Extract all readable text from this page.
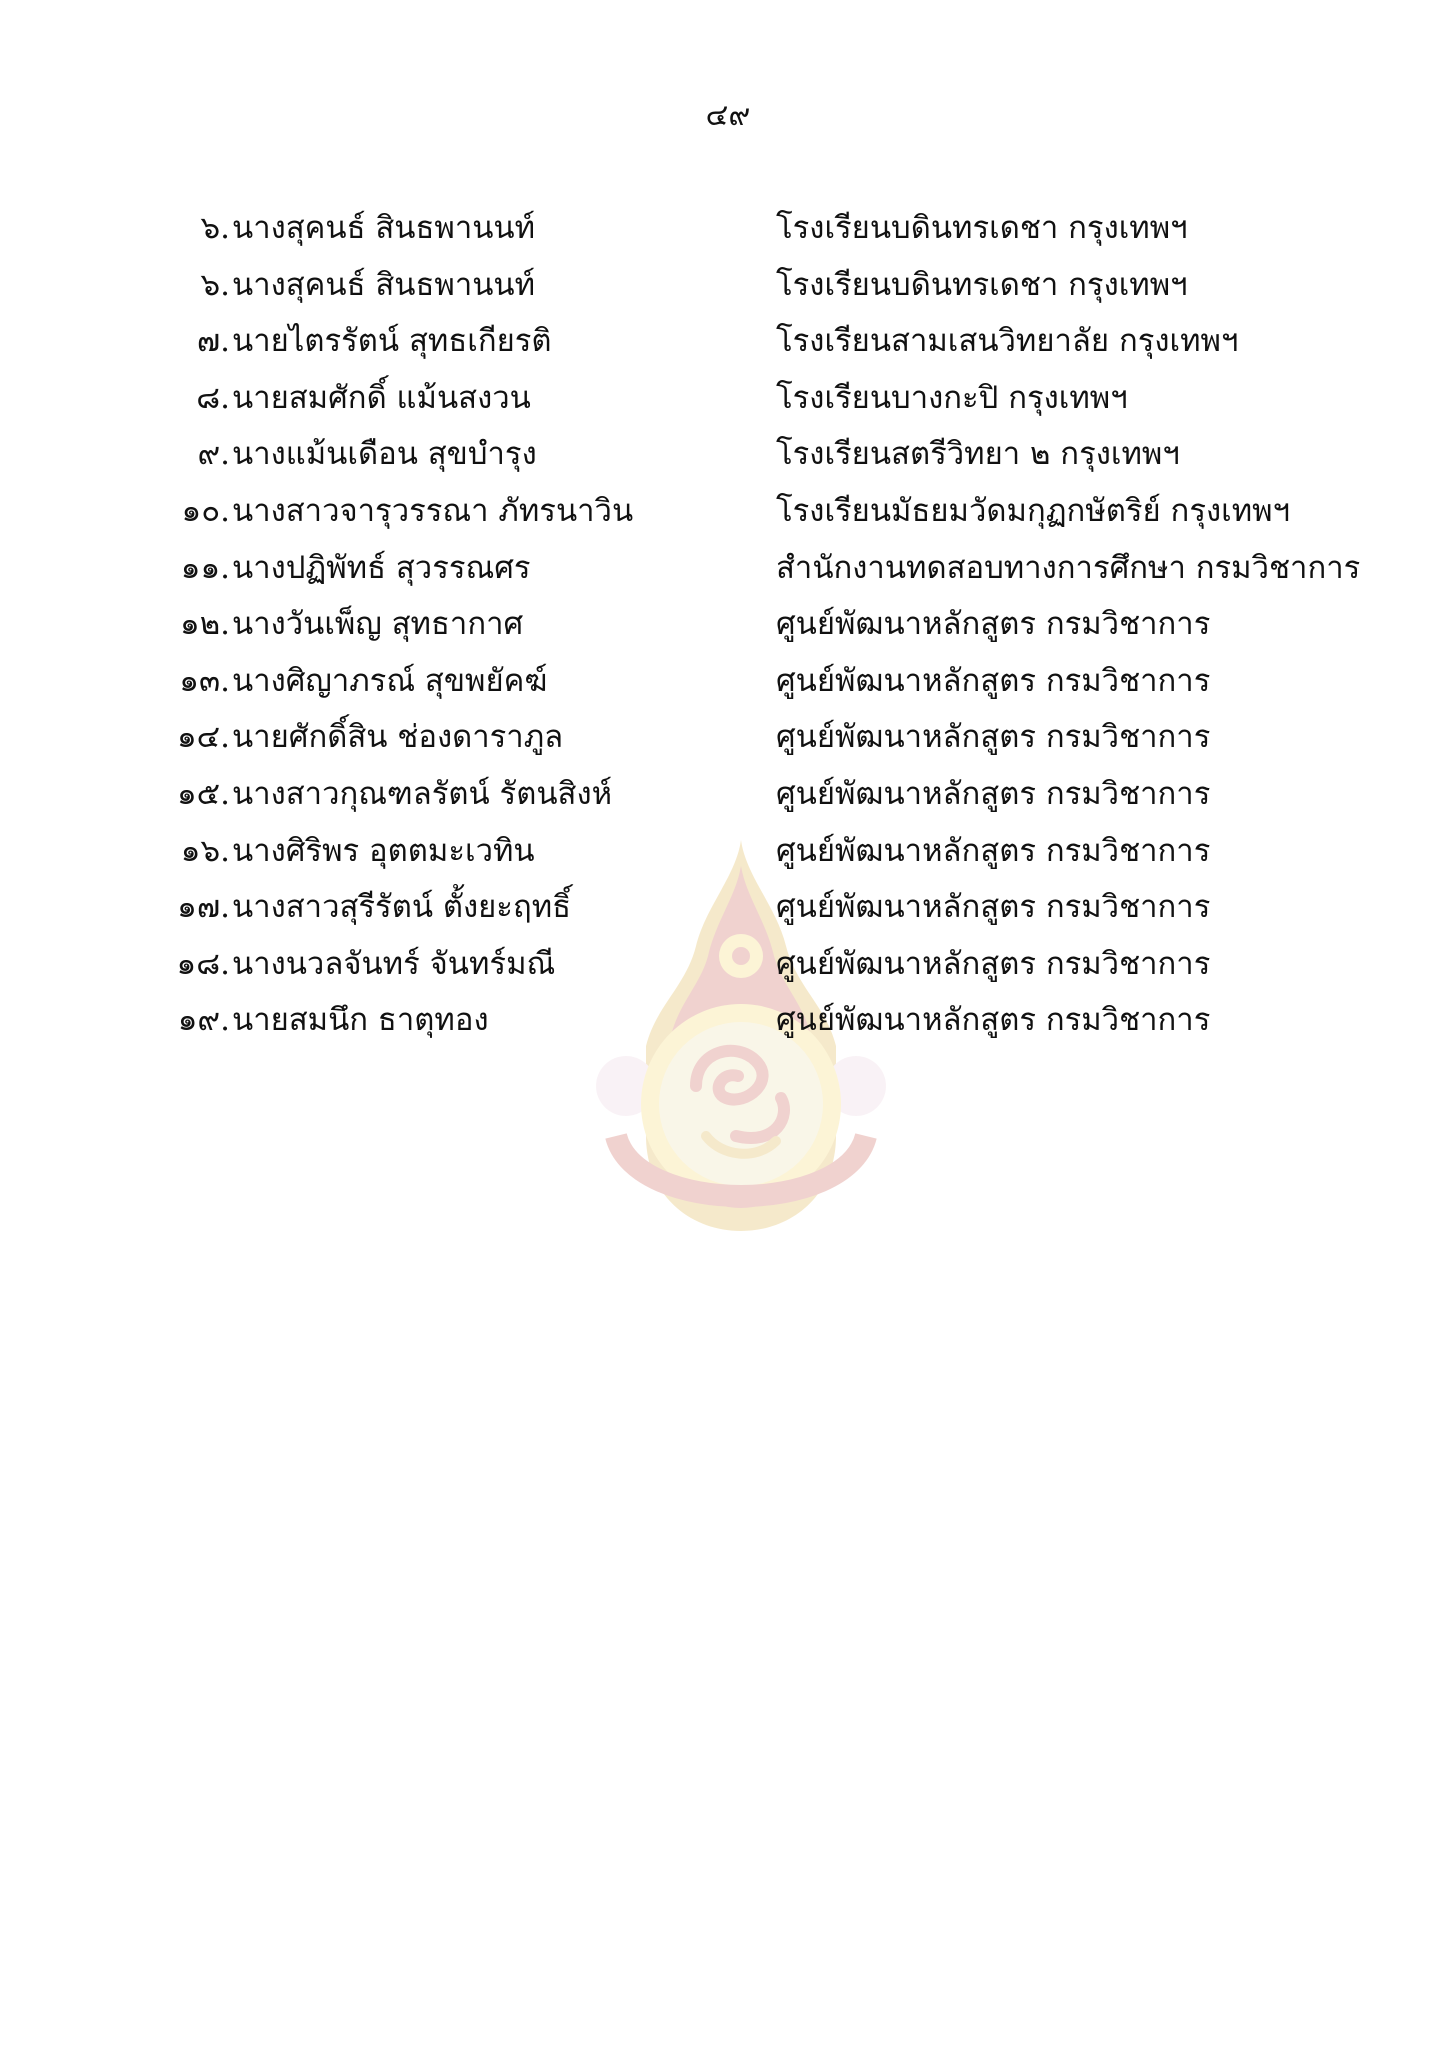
๔๙
๖. นางสุคนธ์ สินธพานนท์	โรงเรียนบดินทรเดชา กรุงเทพฯ
๖. นางสุคนธ์ สินธพานนท์	โรงเรียนบดินทรเดชา กรุงเทพฯ
๗. นายไตรรัตน์ สุทธเกียรติ	โรงเรียนสามเสนวิทยาลัย กรุงเทพฯ
๘. นายสมศักดิ์ แม้นสงวน	โรงเรียนบางกะปิ กรุงเทพฯ
๙. นางแม้นเดือน สุขบำรุง	โรงเรียนสตรีวิทยา ๒ กรุงเทพฯ
๑๐. นางสาวจารุวรรณา ภัทรนาวิน	โรงเรียนมัธยมวัดมกุฏกษัตริย์ กรุงเทพฯ
๑๑. นางปฏิพัทธ์ สุวรรณศร	สำนักงานทดสอบทางการศึกษา กรมวิชาการ
๑๒. นางวันเพ็ญ สุทธากาศ	ศูนย์พัฒนาหลักสูตร กรมวิชาการ
๑๓. นางศิญาภรณ์ สุขพยัคฆ์	ศูนย์พัฒนาหลักสูตร กรมวิชาการ
๑๔. นายศักดิ์สิน ช่องดาราภูล	ศูนย์พัฒนาหลักสูตร กรมวิชาการ
๑๕. นางสาวกุณฑลรัตน์ รัตนสิงห์	ศูนย์พัฒนาหลักสูตร กรมวิชาการ
๑๖. นางศิริพร อุตตมะเวทิน	ศูนย์พัฒนาหลักสูตร กรมวิชาการ
๑๗. นางสาวสุรีรัตน์ ตั้งยะฤทธิ์	ศูนย์พัฒนาหลักสูตร กรมวิชาการ
๑๘. นางนวลจันทร์ จันทร์มณี	ศูนย์พัฒนาหลักสูตร กรมวิชาการ
๑๙. นายสมนึก ธาตุทอง	ศูนย์พัฒนาหลักสูตร กรมวิชาการ
